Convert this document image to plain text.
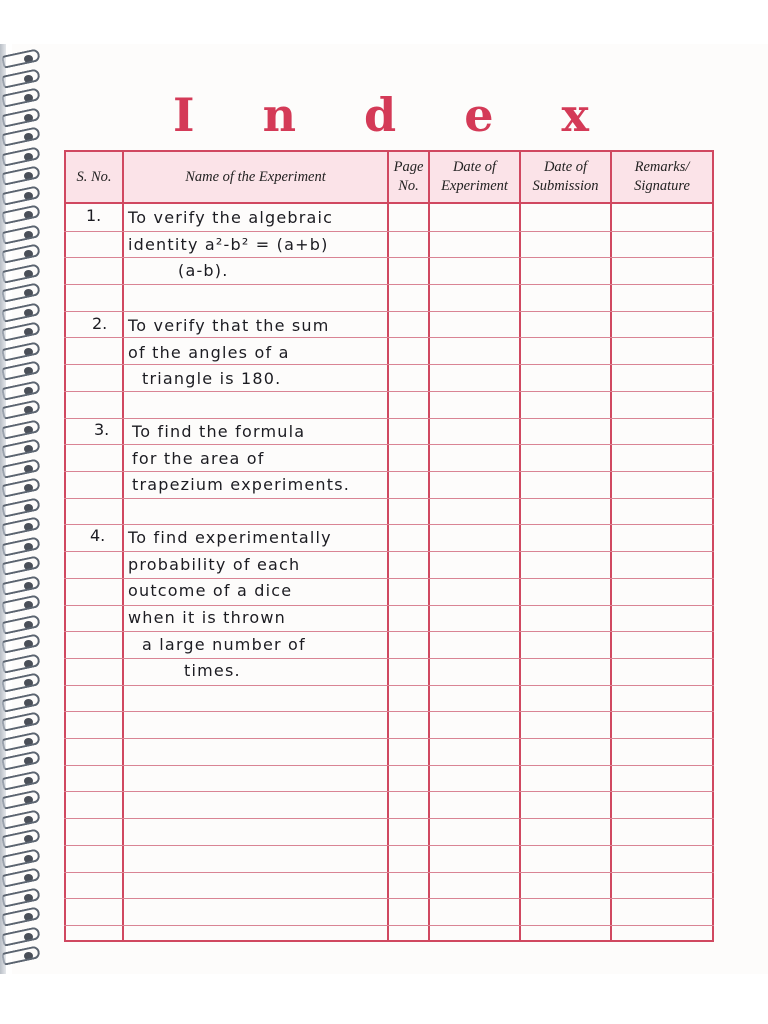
I n d e x
S. No.	Name of the Experiment
Page
No.
Date of
Experiment
Date of
Submission
Remarks/
Signature
1. To verify the algebraic
identity a²-b² = (a+b)
(a-b).
2. To verify that the sum
of the angles of a
triangle is 180.
3. To find the formula
for the area of
trapezium experiments.
4. To find experimentally
probability of each
outcome of a dice
when it is thrown
a large number of
times.
